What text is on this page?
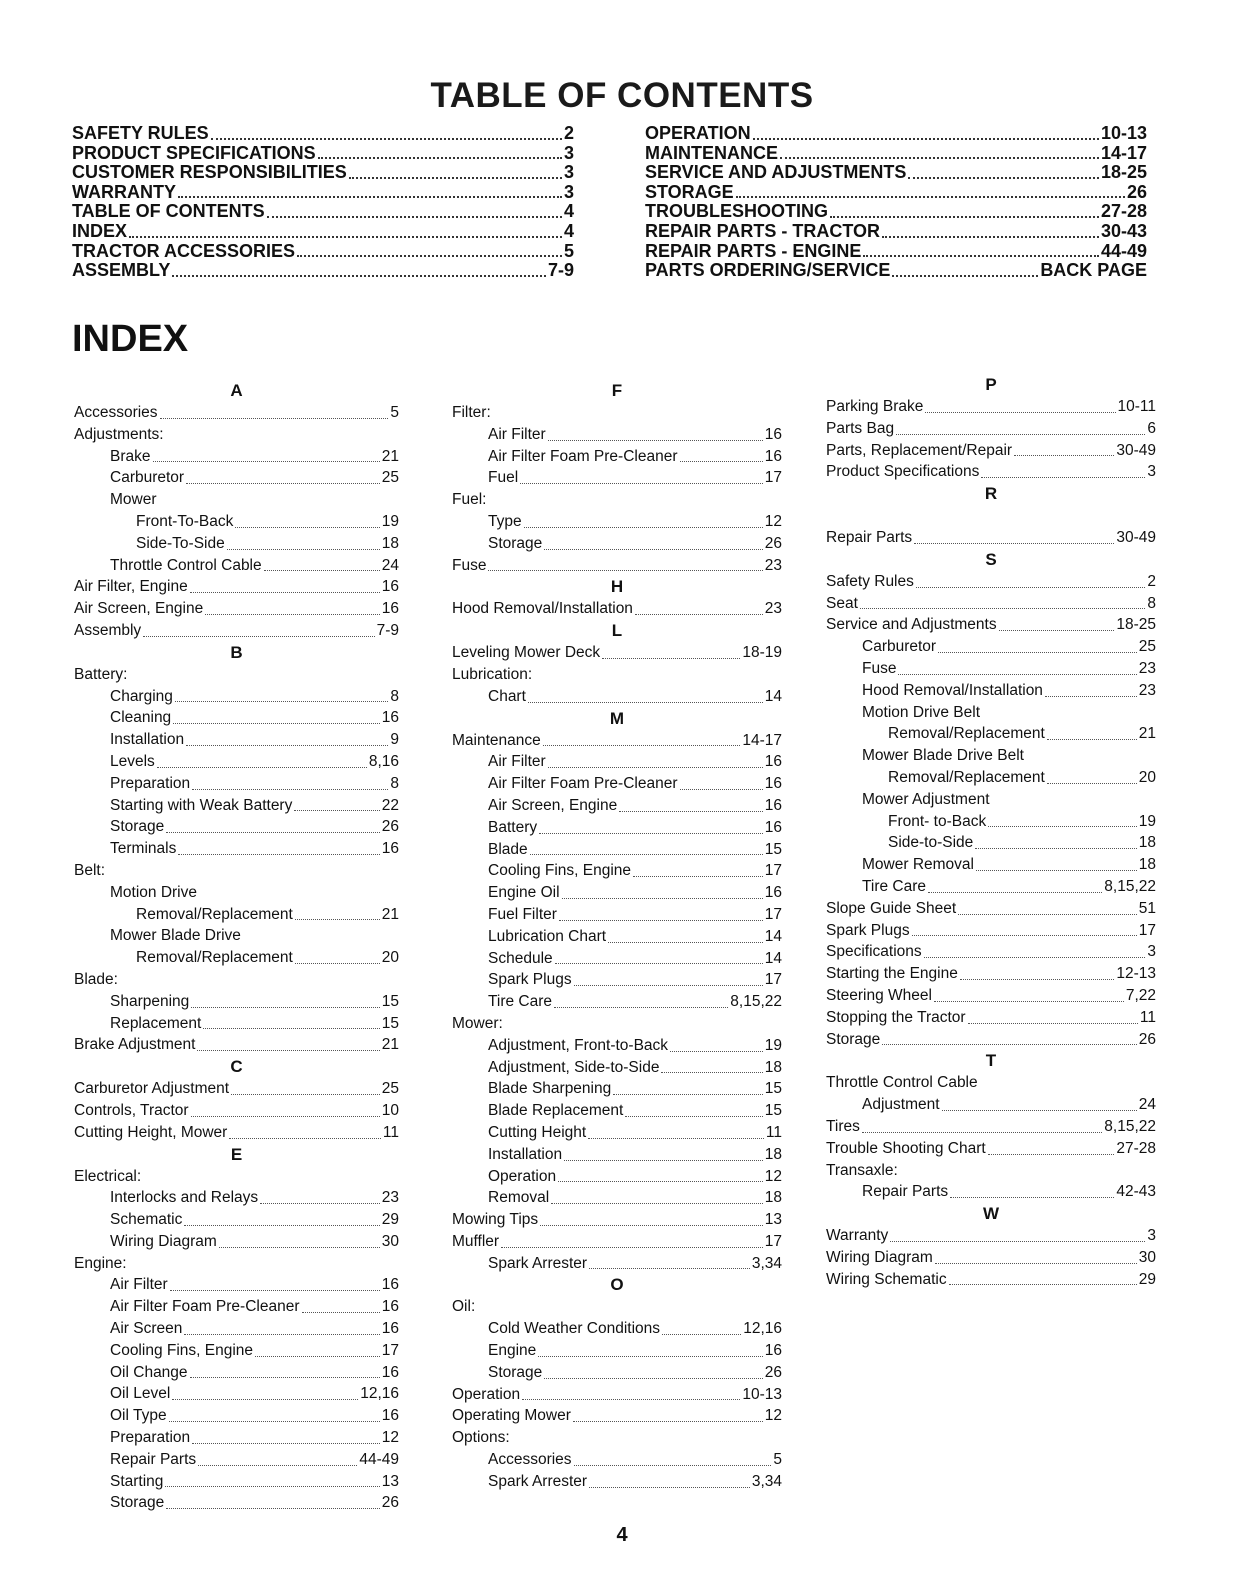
TABLE OF CONTENTS
SAFETY RULES	2
PRODUCT SPECIFICATIONS	3
CUSTOMER RESPONSIBILITIES	3
WARRANTY	3
TABLE OF CONTENTS	4
INDEX	4
TRACTOR ACCESSORIES	5
ASSEMBLY	7-9
OPERATION	10-13
MAINTENANCE	14-17
SERVICE AND ADJUSTMENTS	18-25
STORAGE	26
TROUBLESHOOTING	27-28
REPAIR PARTS - TRACTOR	30-43
REPAIR PARTS - ENGINE	44-49
PARTS ORDERING/SERVICE	BACK PAGE
INDEX
A
Accessories	5
Adjustments:
Brake	21
Carburetor	25
Mower
Front-To-Back	19
Side-To-Side	18
Throttle Control Cable	24
Air Filter, Engine	16
Air Screen, Engine	16
Assembly	7-9
B
Battery:
Charging	8
Cleaning	16
Installation	9
Levels	8,16
Preparation	8
Starting with Weak Battery	22
Storage	26
Terminals	16
Belt:
Motion Drive
Removal/Replacement	21
Mower Blade Drive
Removal/Replacement	20
Blade:
Sharpening	15
Replacement	15
Brake Adjustment	21
C
Carburetor Adjustment	25
Controls, Tractor	10
Cutting Height, Mower	11
E
Electrical:
Interlocks and Relays	23
Schematic	29
Wiring Diagram	30
Engine:
Air Filter	16
Air Filter Foam Pre-Cleaner	16
Air Screen	16
Cooling Fins, Engine	17
Oil Change	16
Oil Level	12,16
Oil Type	16
Preparation	12
Repair Parts	44-49
Starting	13
Storage	26
F
Filter:
Air Filter	16
Air Filter Foam Pre-Cleaner	16
Fuel	17
Fuel:
Type	12
Storage	26
Fuse	23
H
Hood Removal/Installation	23
L
Leveling Mower Deck	18-19
Lubrication:
Chart	14
M
Maintenance	14-17
Air Filter	16
Air Filter Foam Pre-Cleaner	16
Air Screen, Engine	16
Battery	16
Blade	15
Cooling Fins, Engine	17
Engine Oil	16
Fuel Filter	17
Lubrication Chart	14
Schedule	14
Spark Plugs	17
Tire Care	8,15,22
Mower:
Adjustment, Front-to-Back	19
Adjustment, Side-to-Side	18
Blade Sharpening	15
Blade Replacement	15
Cutting Height	11
Installation	18
Operation	12
Removal	18
Mowing Tips	13
Muffler	17
Spark Arrester	3,34
O
Oil:
Cold Weather Conditions	12,16
Engine	16
Storage	26
Operation	10-13
Operating Mower	12
Options:
Accessories	5
Spark Arrester	3,34
P
Parking Brake	10-11
Parts Bag	6
Parts, Replacement/Repair	30-49
Product Specifications	3
R
Repair Parts	30-49
S
Safety Rules	2
Seat	8
Service and Adjustments	18-25
Carburetor	25
Fuse	23
Hood Removal/Installation	23
Motion Drive Belt
Removal/Replacement	21
Mower Blade Drive Belt
Removal/Replacement	20
Mower Adjustment
Front- to-Back	19
Side-to-Side	18
Mower Removal	18
Tire Care	8,15,22
Slope Guide Sheet	51
Spark Plugs	17
Specifications	3
Starting the Engine	12-13
Steering Wheel	7,22
Stopping the Tractor	11
Storage	26
T
Throttle Control Cable
Adjustment	24
Tires	8,15,22
Trouble Shooting Chart	27-28
Transaxle:
Repair Parts	42-43
W
Warranty	3
Wiring Diagram	30
Wiring Schematic	29
4
